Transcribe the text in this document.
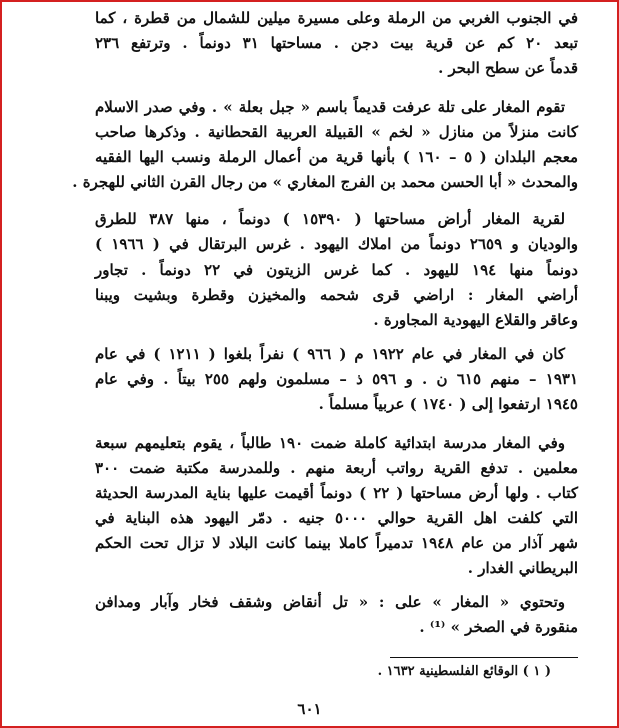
في الجنوب الغربي من الرملة وعلى مسيرة ميلين للشمال من قطرة ، كما
تبعد ٢٠ كم عن قرية بيت دجن . مساحتها ٣١ دونماً . وترتفع ٢٣٦
قدماً عن سطح البحر .
تقوم المغار على تلة عرفت قديماً باسم « جبل بعلة » . وفي صدر الاسلام
كانت منزلاً من منازل « لخم » القبيلة العربية القحطانية . وذكرها صاحب
معجم البلدان ( ٥ – ١٦٠ ) بأنها قرية من أعمال الرملة ونسب اليها الفقيه
والمحدث « أبا الحسن محمد بن الفرج المغاري » من رجال القرن الثاني للهجرة .
لقرية المغار أراض مساحتها ( ١٥٣٩٠ ) دونماً ، منها ٣٨٧ للطرق
والوديان و ٢٦٥٩ دونماً من املاك اليهود . غرس البرتقال في ( ١٩٦٦ )
دونماً منها ١٩٤ لليهود . كما غرس الزيتون في ٢٢ دونماً . تجاور
أراضي المغار : اراضي قرى شحمه والمخيزن وقطرة وبشيت ويبنا
وعاقر والقلاع اليهودية المجاورة .
كان في المغار في عام ١٩٢٢ م ( ٩٦٦ ) نفراً بلغوا ( ١٢١١ ) في عام
١٩٣١ – منهم ٦١٥ ن . و ٥٩٦ ذ – مسلمون ولهم ٢٥٥ بيتاً . وفي عام
١٩٤٥ ارتفعوا إلى ( ١٧٤٠ ) عربياً مسلماً .
وفي المغار مدرسة ابتدائية كاملة ضمت ١٩٠ طالباً ، يقوم بتعليمهم سبعة
معلمين . تدفع القرية رواتب أربعة منهم . وللمدرسة مكتبة ضمت ٣٠٠
كتاب . ولها أرض مساحتها ( ٢٢ ) دونماً أقيمت عليها بناية المدرسة الحديثة
التي كلفت اهل القرية حوالي ٥٠٠٠ جنيه . دمّر اليهود هذه البناية في
شهر آذار من عام ١٩٤٨ تدميراً كاملا بينما كانت البلاد لا تزال تحت الحكم
البريطاني الغدار .
وتحتوي « المغار » على : « تل أنقاض وشقف فخار وآبار ومدافن
منقورة في الصخر » ⁽¹⁾ .
( ١ ) الوقائع الفلسطينية ١٦٣٢ .
٦٠١
